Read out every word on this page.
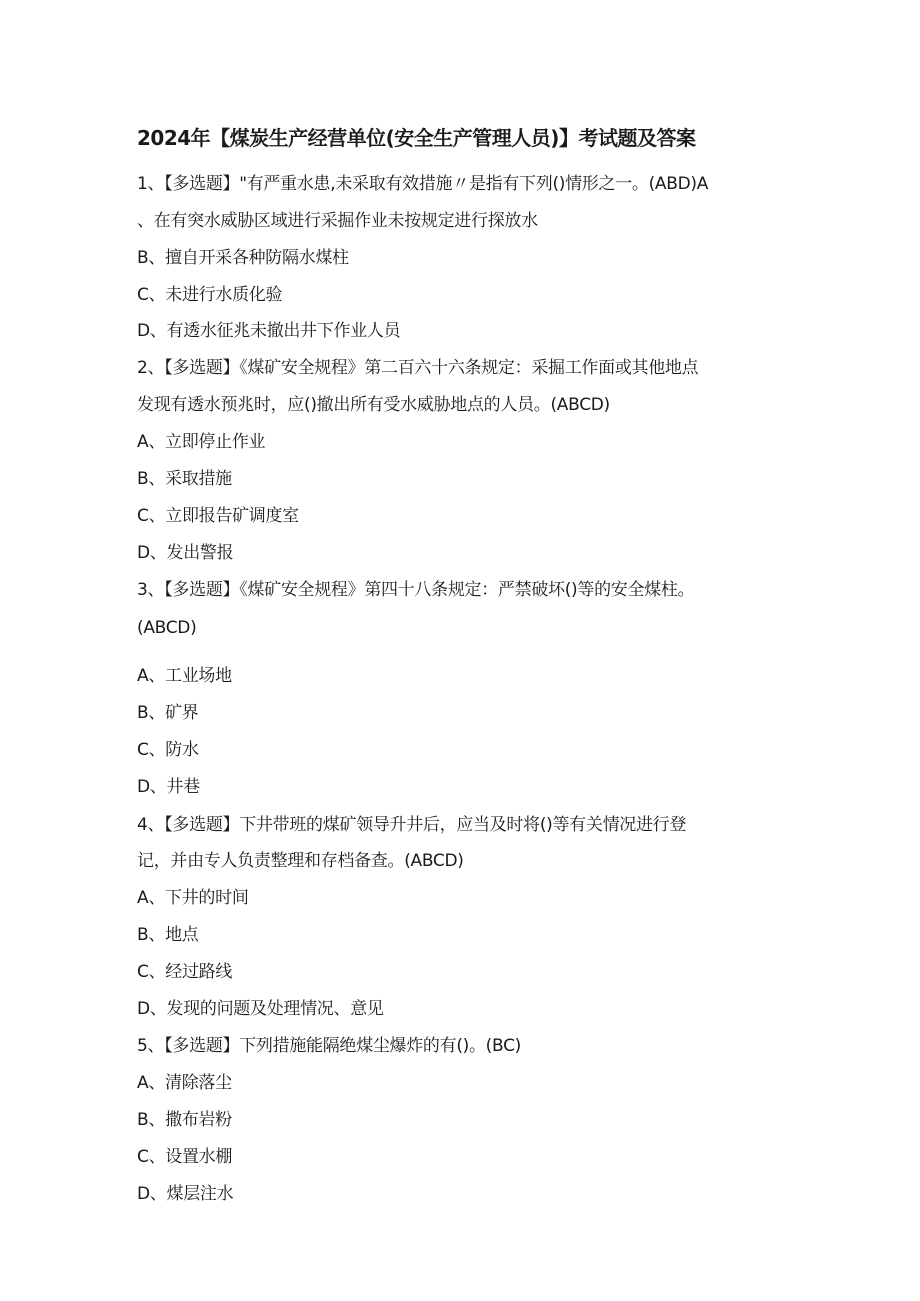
2024年【煤炭生产经营单位(安全生产管理人员)】考试题及答案
1、【多选题】"有严重水患,未采取有效措施〃是指有下列()情形之一。(ABD)A
、在有突水威胁区域进行采掘作业未按规定进行探放水
B、擅自开采各种防隔水煤柱
C、未进行水质化验
D、有透水征兆未撤出井下作业人员
2、【多选题】《煤矿安全规程》第二百六十六条规定：采掘工作面或其他地点
发现有透水预兆时，应()撤出所有受水威胁地点的人员。(ABCD)
A、立即停止作业
B、采取措施
C、立即报告矿调度室
D、发出警报
3、【多选题】《煤矿安全规程》第四十八条规定：严禁破坏()等的安全煤柱。
(ABCD)
A、工业场地
B、矿界
C、防水
D、井巷
4、【多选题】下井带班的煤矿领导升井后，应当及时将()等有关情况进行登
记，并由专人负责整理和存档备查。(ABCD)
A、下井的时间
B、地点
C、经过路线
D、发现的问题及处理情况、意见
5、【多选题】下列措施能隔绝煤尘爆炸的有()。(BC)
A、清除落尘
B、撒布岩粉
C、设置水棚
D、煤层注水
